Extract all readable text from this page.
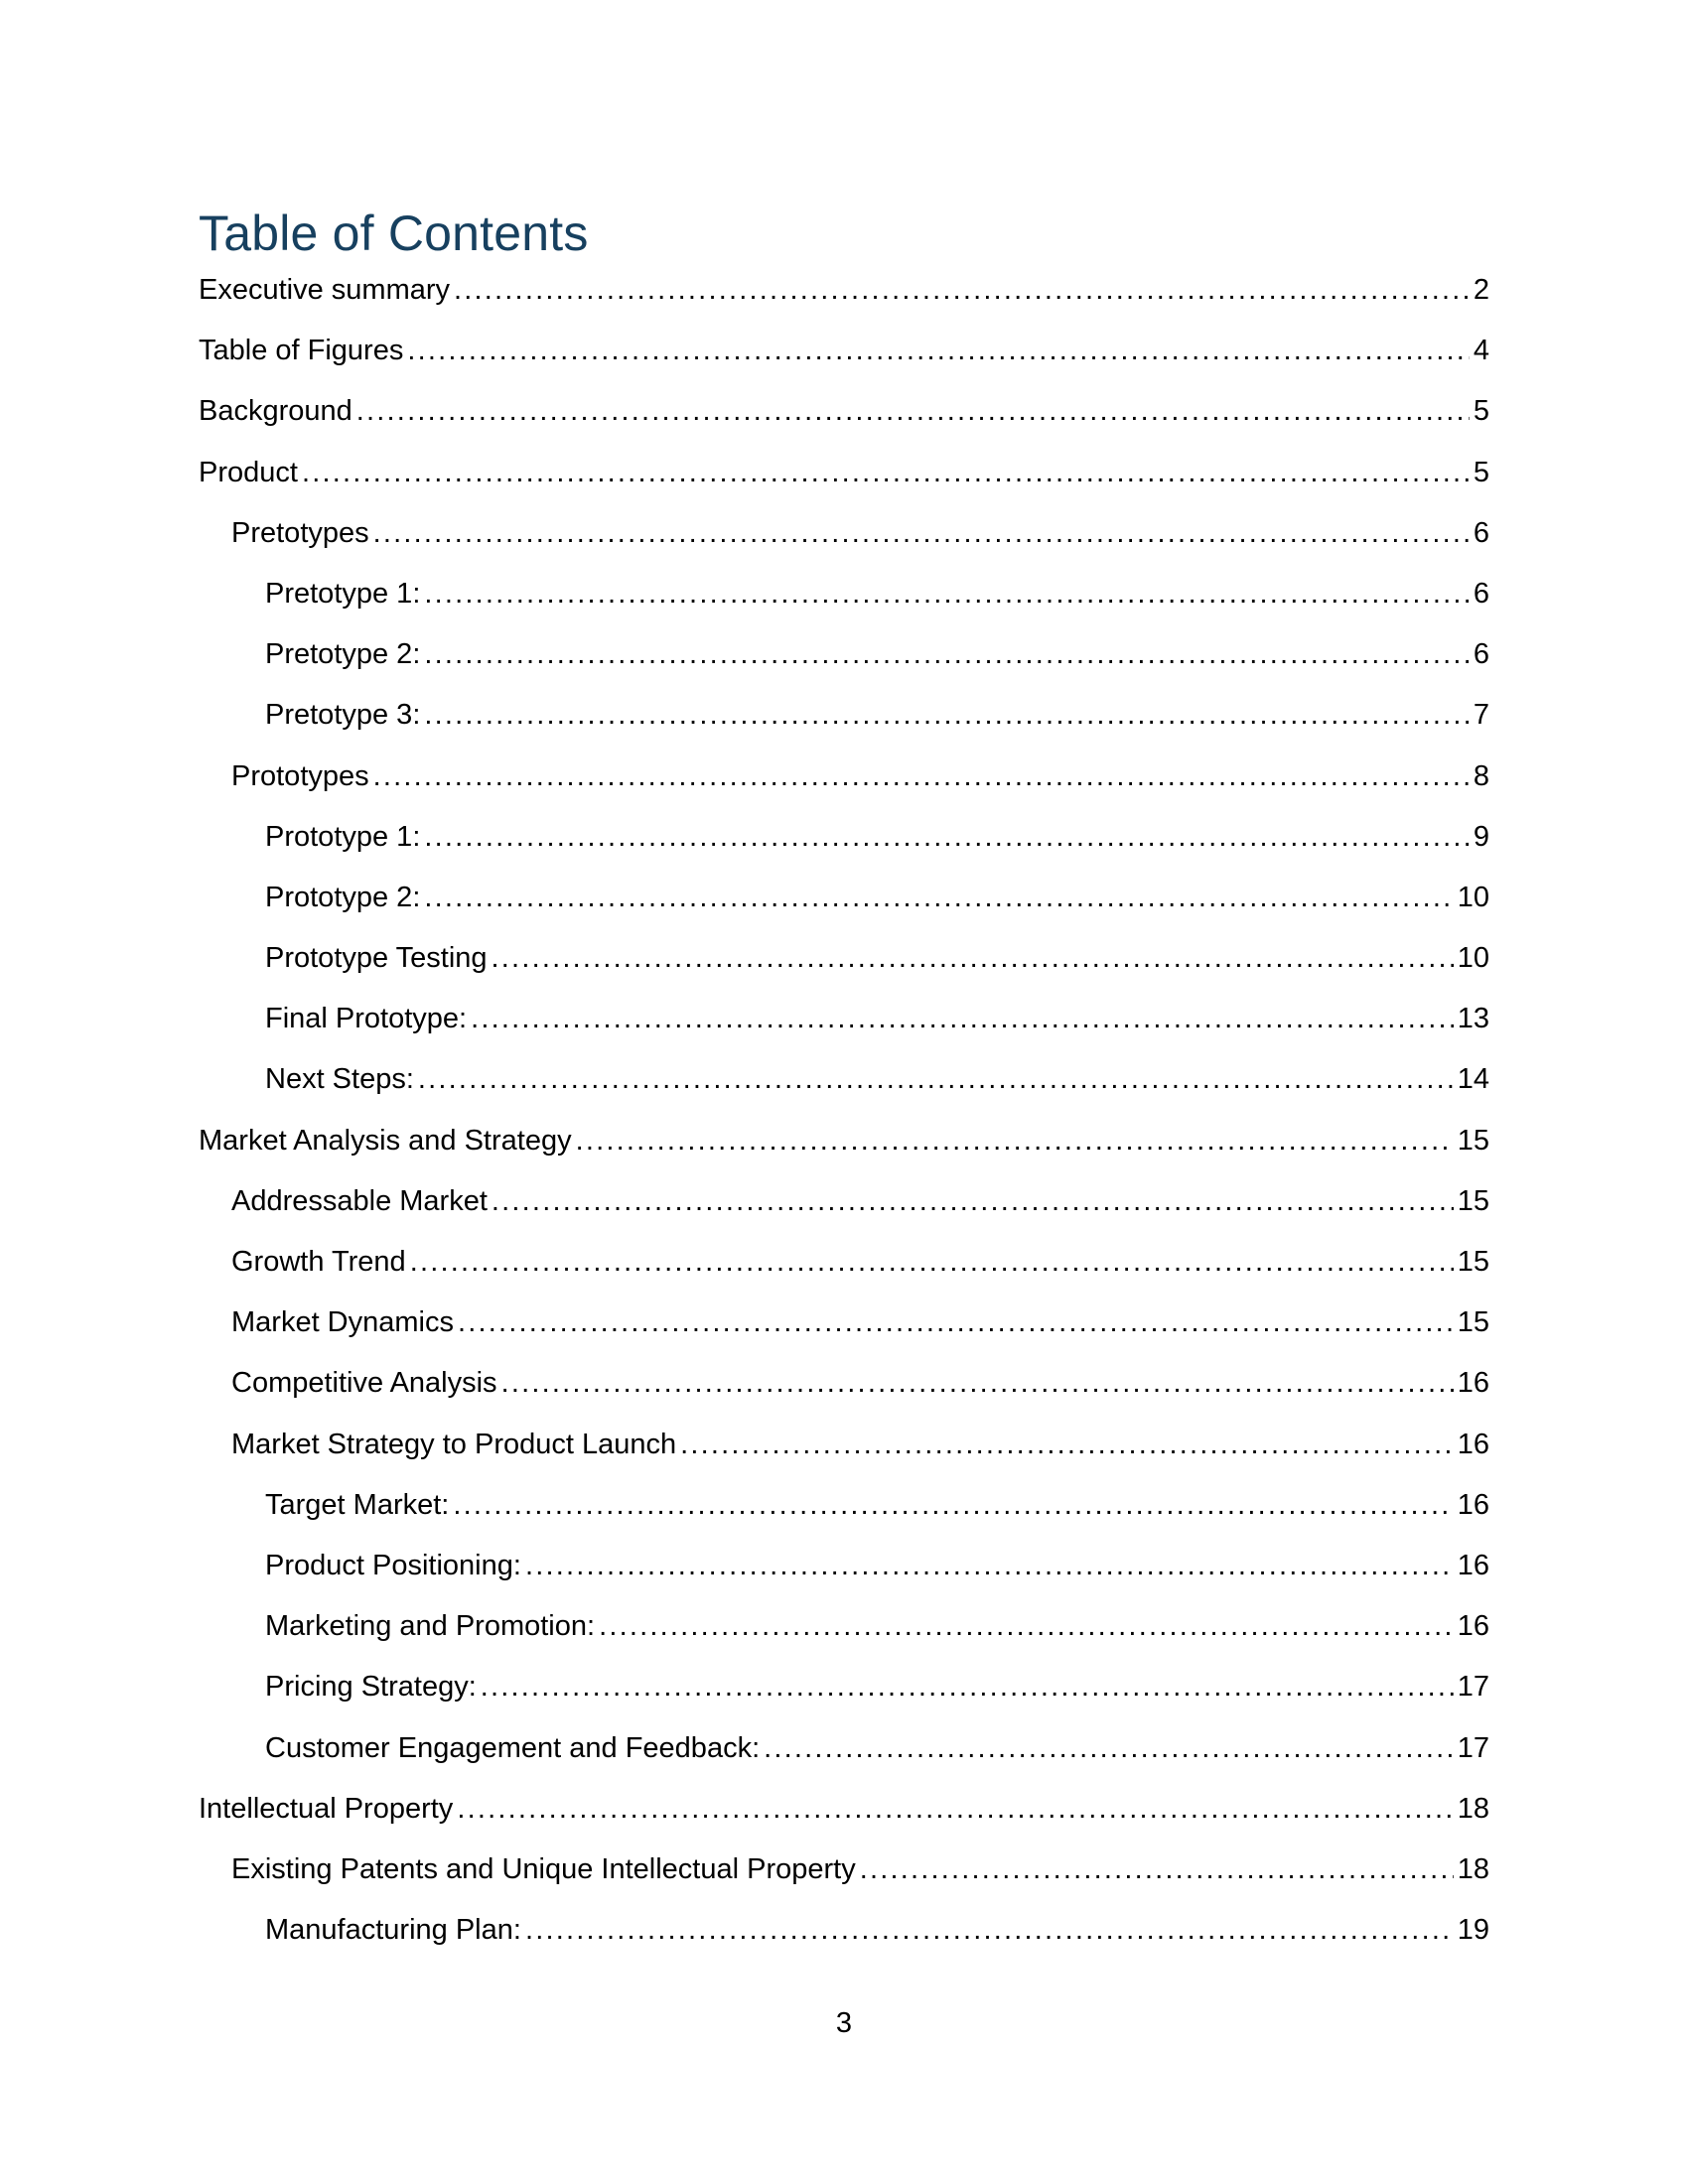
Table of Contents
Executive summary .....	2
Table of Figures .....	4
Background .....	5
Product .....	5
Pretotypes .....	6
Pretotype 1: .....	6
Pretotype 2: .....	6
Pretotype 3: .....	7
Prototypes .....	8
Prototype 1: .....	9
Prototype 2: .....	10
Prototype Testing .....	10
Final Prototype: .....	13
Next Steps: .....	14
Market Analysis and Strategy .....	15
Addressable Market .....	15
Growth Trend .....	15
Market Dynamics .....	15
Competitive Analysis .....	16
Market Strategy to Product Launch .....	16
Target Market: .....	16
Product Positioning: .....	16
Marketing and Promotion: .....	16
Pricing Strategy: .....	17
Customer Engagement and Feedback: .....	17
Intellectual Property .....	18
Existing Patents and Unique Intellectual Property .....	18
Manufacturing Plan: .....	19
3
